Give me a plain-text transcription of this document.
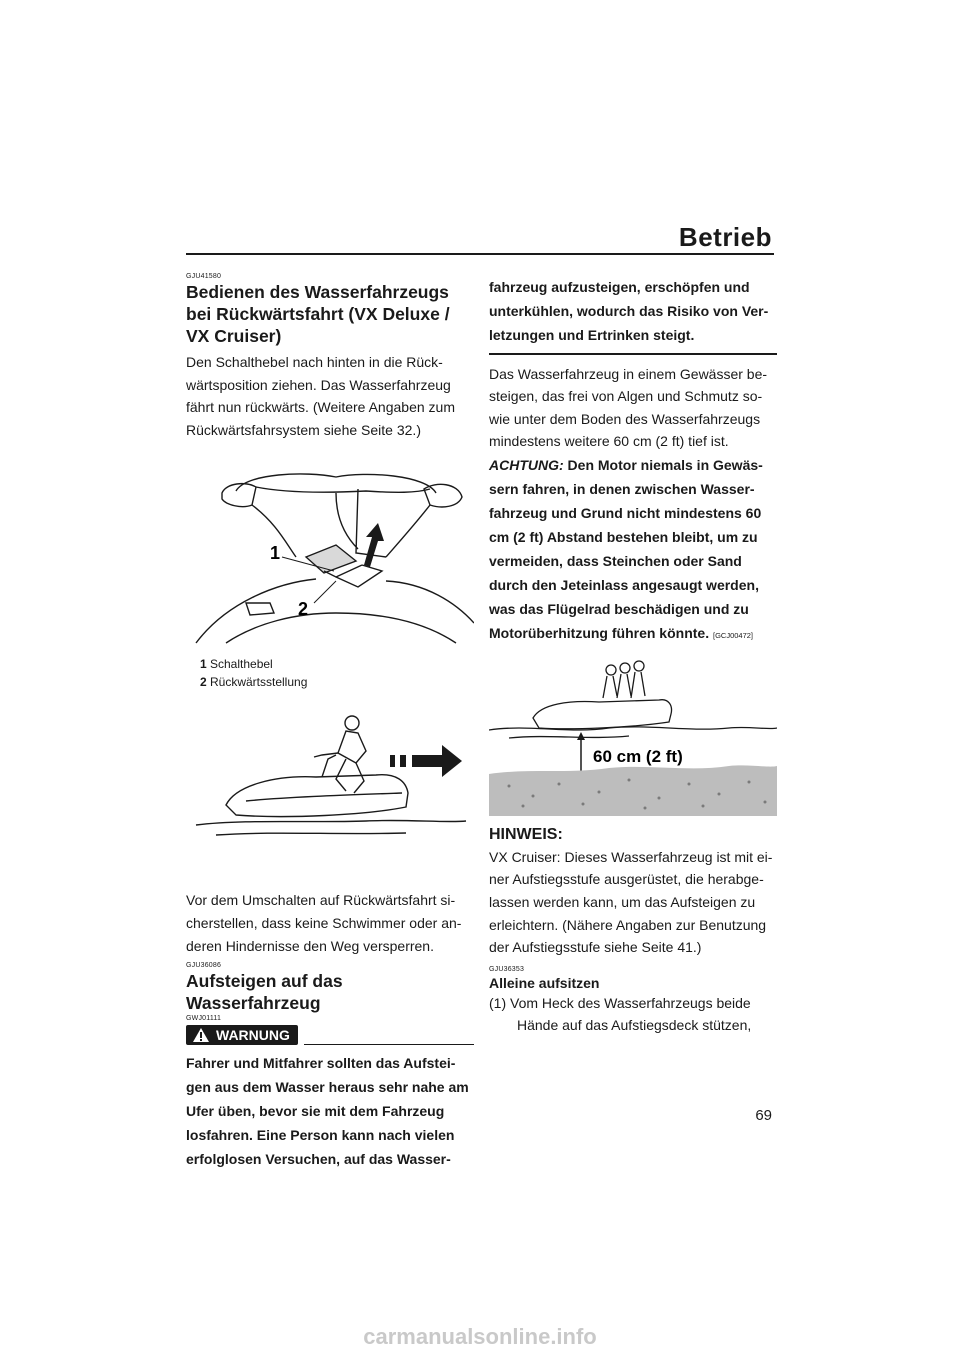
Betrieb
GJU41580
Bedienen des Wasserfahrzeugs bei Rückwärtsfahrt (VX Deluxe / VX Cruiser)

Den Schalthebel nach hinten in die Rück-wärtsposition ziehen. Das Wasserfahrzeug fährt nun rückwärts. (Weitere Angaben zum Rückwärtsfahrsystem siehe Seite 32.)

1
2
1 Schalthebel
2 Rückwärtsstellung

Vor dem Umschalten auf Rückwärtsfahrt si-cherstellen, dass keine Schwimmer oder an-deren Hindernisse den Weg versperren.

GJU36086
Aufsteigen auf das Wasserfahrzeug
GWJ01111
WARNUNG

Fahrer und Mitfahrer sollten das Aufstei-gen aus dem Wasser heraus sehr nahe am Ufer üben, bevor sie mit dem Fahrzeug losfahren. Eine Person kann nach vielen erfolglosen Versuchen, auf das Wasser-

fahrzeug aufzusteigen, erschöpfen und unterkühlen, wodurch das Risiko von Ver-letzungen und Ertrinken steigt.

Das Wasserfahrzeug in einem Gewässer be-steigen, das frei von Algen und Schmutz so-wie unter dem Boden des Wasserfahrzeugs mindestens weitere 60 cm (2 ft) tief ist.

ACHTUNG: Den Motor niemals in Gewäs-sern fahren, in denen zwischen Wasser-fahrzeug und Grund nicht mindestens 60 cm (2 ft) Abstand bestehen bleibt, um zu vermeiden, dass Steinchen oder Sand durch den Jeteinlass angesaugt werden, was das Flügelrad beschädigen und zu Motorüberhitzung führen könnte. [GCJ00472]

60 cm (2 ft)
HINWEIS:

VX Cruiser: Dieses Wasserfahrzeug ist mit ei-ner Aufstiegsstufe ausgerüstet, die herabge-lassen werden kann, um das Aufsteigen zu erleichtern. (Nähere Angaben zur Benutzung der Aufstiegsstufe siehe Seite 41.)

GJU36353
Alleine aufsitzen

(1) Vom Heck des Wasserfahrzeugs beide Hände auf das Aufstiegsdeck stützen,

69
carmanualsonline.info
